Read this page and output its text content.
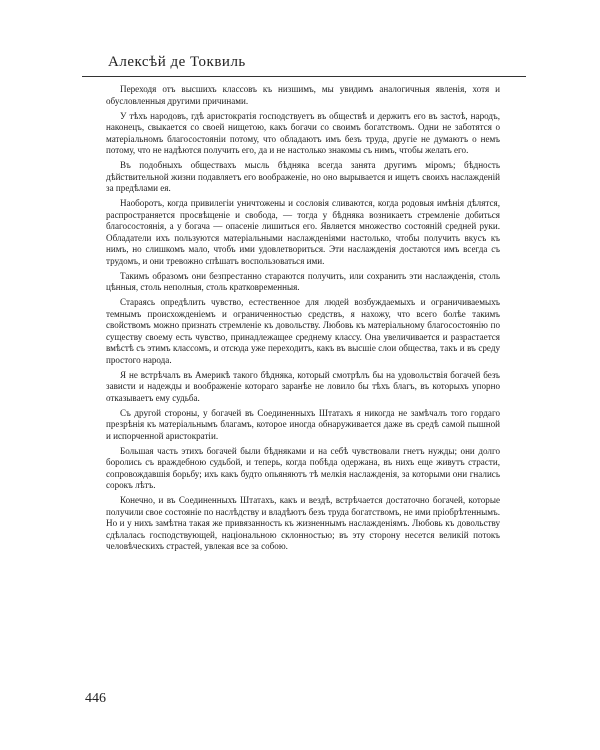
Алексѣй де Токвиль

Переходя отъ высшихъ классовъ къ низшимъ, мы увидимъ аналогичныя явленія, хотя и обусловленныя другими причинами.

У тѣхъ народовъ, гдѣ аристократія господствуетъ въ обществѣ и держитъ его въ застоѣ, народъ, наконецъ, свыкается со своей нищетою, какъ богачи со своимъ богатствомъ. Одни не заботятся о матеріальномъ благосостояніи потому, что обладаютъ имъ безъ труда, другіе не думаютъ о немъ потому, что не надѣются получить его, да и не настолько знакомы съ нимъ, чтобы желать его.

Въ подобныхъ обществахъ мысль бѣдняка всегда занята другимъ міромъ; бѣдность дѣйствительной жизни подавляетъ его воображеніе, но оно вырывается и ищетъ своихъ наслажденій за предѣлами ея.

Наоборотъ, когда привилегіи уничтожены и сословія сливаются, когда родовыя имѣнія дѣлятся, распространяется просвѣщеніе и свобода, — тогда у бѣдняка возникаетъ стремленіе добиться благосостоянія, а у богача — опасеніе лишиться его. Является множество состояній средней руки. Обладатели ихъ пользуются матеріальными наслажденіями настолько, чтобы получить вкусъ къ нимъ, но слишкомъ мало, чтобъ ими удовлетвориться. Эти наслажденія достаются имъ всегда съ трудомъ, и они тревожно спѣшатъ воспользоваться ими.

Такимъ образомъ они безпрестанно стараются получить, или сохранить эти наслажденія, столь цѣнныя, столь неполныя, столь кратковременныя.

Стараясь опредѣлить чувство, естественное для людей возбуждаемыхъ и ограничиваемыхъ темнымъ происхожденіемъ и ограниченностью средствъ, я нахожу, что всего болѣе такимъ свойствомъ можно признать стремленіе къ довольству. Любовь къ матеріальному благосостоянію по существу своему есть чувство, принадлежащее среднему классу. Она увеличивается и разрастается вмѣстѣ съ этимъ классомъ, и отсюда уже переходитъ, какъ въ высшіе слои общества, такъ и въ среду простого народа.

Я не встрѣчалъ въ Америкѣ такого бѣдняка, который смотрѣлъ бы на удовольствія богачей безъ зависти и надежды и воображеніе котораго заранѣе не ловило бы тѣхъ благъ, въ которыхъ упорно отказываетъ ему судьба.

Съ другой стороны, у богачей въ Соединенныхъ Штатахъ я никогда не замѣчалъ того гордаго презрѣнія къ матеріальнымъ благамъ, которое иногда обнаруживается даже въ средѣ самой пышной и испорченной аристократіи.

Большая часть этихъ богачей были бѣдняками и на себѣ чувствовали гнетъ нужды; они долго боролись съ враждебною судьбой, и теперь, когда побѣда одержана, въ нихъ еще живутъ страсти, сопровождавшія борьбу; ихъ какъ будто опьяняютъ тѣ мелкія наслажденія, за которыми они гнались сорокъ лѣтъ.

Конечно, и въ Соединенныхъ Штатахъ, какъ и вездѣ, встрѣчается достаточно богачей, которые получили свое состояніе по наслѣдству и владѣютъ безъ труда богатствомъ, не ими пріобрѣтеннымъ. Но и у нихъ замѣтна такая же привязанность къ жизненнымъ наслажденіямъ. Любовь къ довольству сдѣлалась господствующей, національною склонностью; въ эту сторону несется великій потокъ человѣческихъ страстей, увлекая все за собою.

446
